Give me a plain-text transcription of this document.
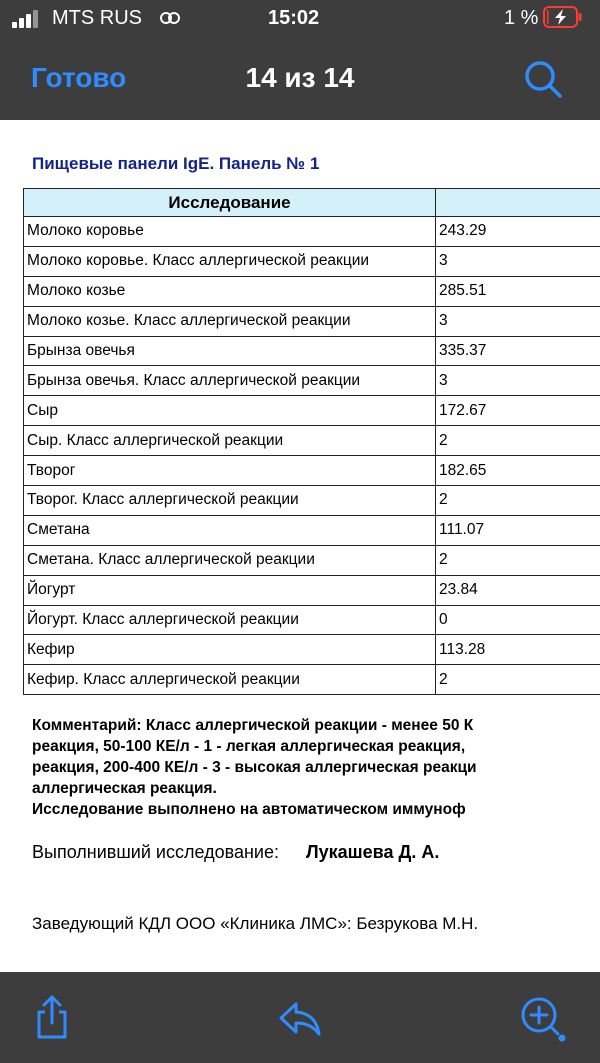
MTS RUS	15:02	1 %
Готово	14 из 14
Пищевые панели IgE. Панель № 1
Исследование	
Молоко коровье	243.29
Молоко коровье. Класс аллергической реакции	3
Молоко козье	285.51
Молоко козье. Класс аллергической реакции	3
Брынза овечья	335.37
Брынза овечья. Класс аллергической реакции	3
Сыр	172.67
Сыр. Класс аллергической реакции	2
Творог	182.65
Творог. Класс аллергической реакции	2
Сметана	111.07
Сметана. Класс аллергической реакции	2
Йогурт	23.84
Йогурт. Класс аллергической реакции	0
Кефир	113.28
Кефир. Класс аллергической реакции	2
Комментарий: Класс аллергической реакции - менее 50 К
реакция, 50-100 КЕ/л - 1 - легкая аллергическая реакция,
реакция, 200-400 КЕ/л - 3 - высокая аллергическая реакци
аллергическая реакция.
Исследование выполнено на автоматическом иммуноф
Выполнивший исследование: Лукашева Д. А.
Заведующий КДЛ ООО «Клиника ЛМС»: Безрукова М.Н.
